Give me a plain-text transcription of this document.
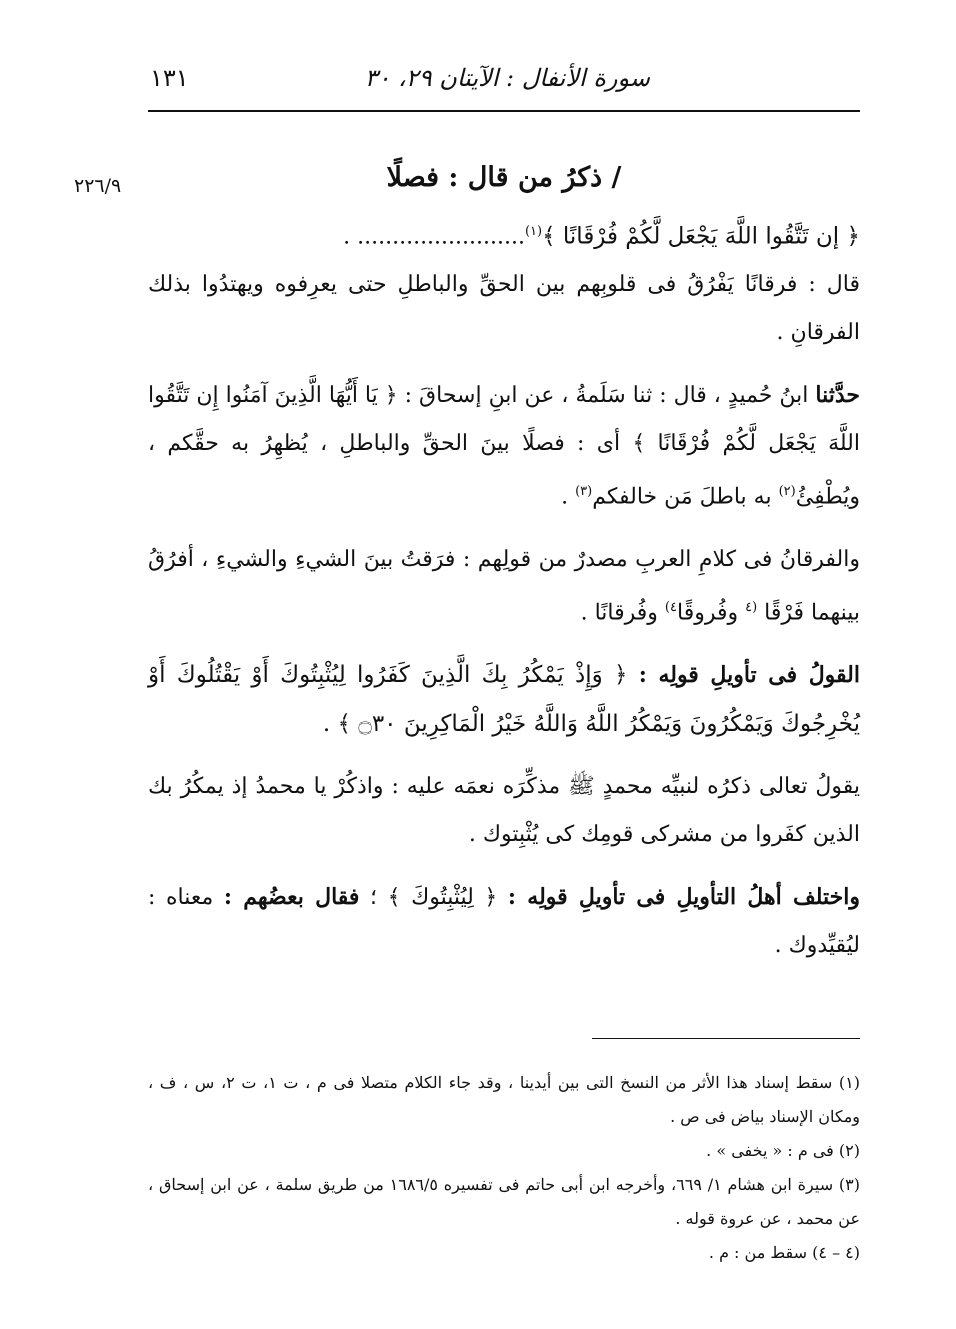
سورة الأنفال : الآيتان ٢٩، ٣٠
١٣١
٢٢٦/٩	/ ذكرُ من قال : فصلًا

﴿ إن تَتَّقُوا اللَّهَ يَجْعَل لَّكُمْ فُرْقَانًا ﴾$^{(١)}$........................ .

قال : فرقانًا يَفْرُقُ فى قلوبِهم بين الحقِّ والباطلِ حتى يعرِفوه ويهتدُوا بذلك الفرقانِ .

حدَّثنا ابنُ حُميدٍ ، قال : ثنا سَلَمةُ ، عن ابنِ إسحاقَ : ﴿ يَا أَيُّهَا الَّذِينَ آمَنُوا إِن تَتَّقُوا اللَّهَ يَجْعَل لَّكُمْ فُرْقَانًا ﴾ أى : فصلًا بينَ الحقِّ والباطلِ ، يُظهِرُ به حقَّكم ، ويُطْفِئُ$^{(٢)}$ به باطلَ مَن خالفكم$^{(٣)}$ .

والفرقانُ فى كلامِ العربِ مصدرٌ من قولِهم : فرَقتُ بينَ الشيءِ والشيءِ ، أفرُقُ بينهما فَرْقًا $^{(٤}$ وفُروقًا$^{٤)}$ وفُرقانًا .

القولُ فى تأويلِ قولِه : ﴿ وَإِذْ يَمْكُرُ بِكَ الَّذِينَ كَفَرُوا لِيُثْبِتُوكَ أَوْ يَقْتُلُوكَ أَوْ يُخْرِجُوكَ وَيَمْكُرُونَ وَيَمْكُرُ اللَّهُ وَاللَّهُ خَيْرُ الْمَاكِرِينَ ۝٣٠ ﴾ .

يقولُ تعالى ذكرُه لنبيِّه محمدٍ ﷺ مذكِّرَه نعمَه عليه : واذكُرْ يا محمدُ إذ يمكُرُ بك الذين كفَروا من مشركى قومِك كى يُثْبِتوك .

واختلف أهلُ التأويلِ فى تأويلِ قولِه : ﴿ لِيُثْبِتُوكَ ﴾ ؛ فقال بعضُهم : معناه : ليُقيِّدوك .

(١) سقط إسناد هذا الأثر من النسخ التى بين أيدينا ، وقد جاء الكلام متصلا فى م ، ت ١، ت ٢، س ، ف ، ومكان الإسناد بياض فى ص .

(٢) فى م : « يخفى » .

(٣) سيرة ابن هشام ١/ ٦٦٩، وأخرجه ابن أبى حاتم فى تفسيره ١٦٨٦/٥ من طريق سلمة ، عن ابن إسحاق ، عن محمد ، عن عروة قوله .

(٤ – ٤) سقط من : م .
